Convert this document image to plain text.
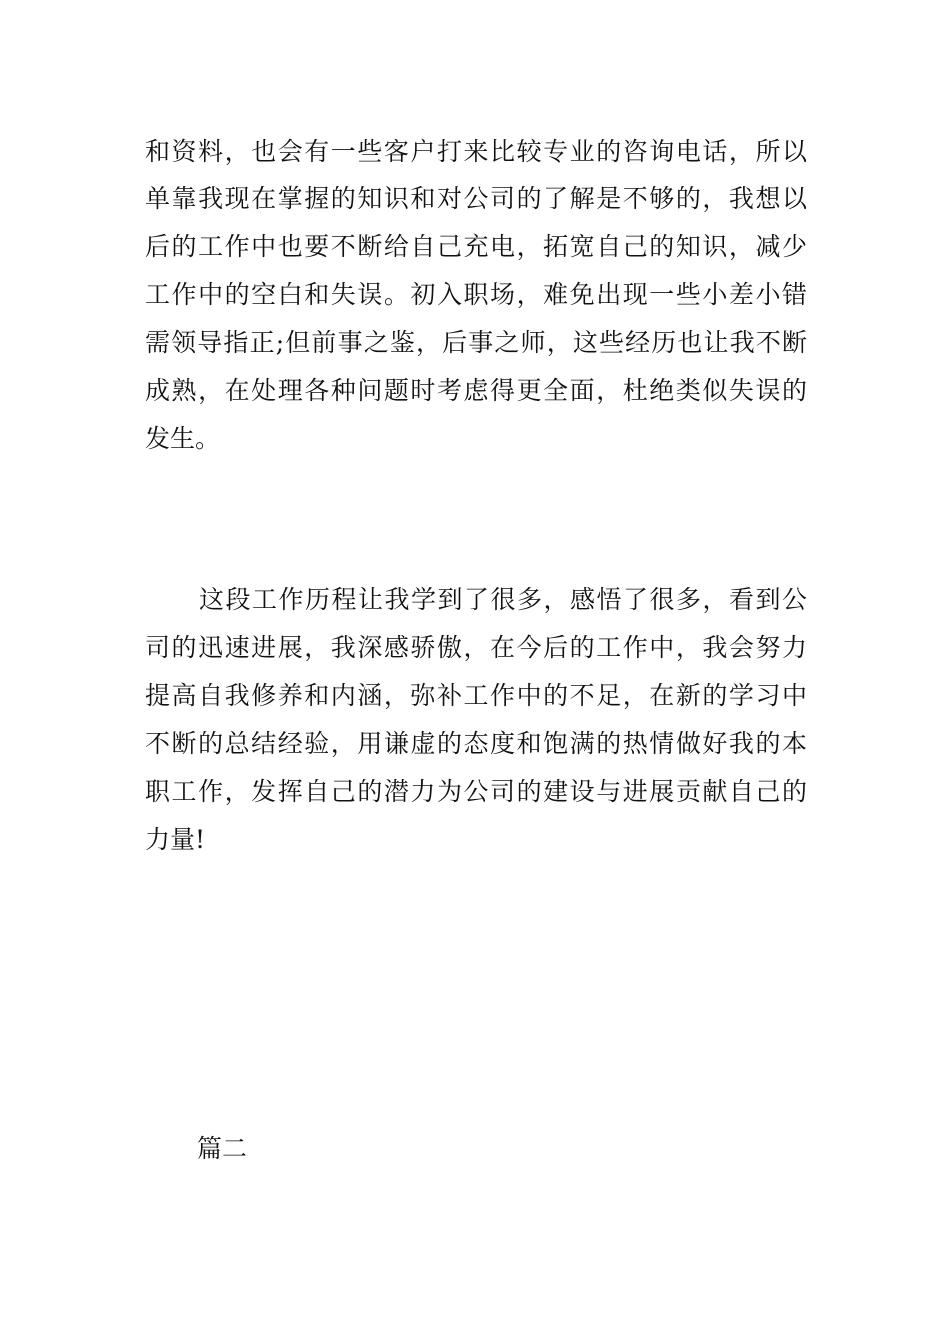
和资料，也会有一些客户打来比较专业的咨询电话，所以
单靠我现在掌握的知识和对公司的了解是不够的，我想以
后的工作中也要不断给自己充电，拓宽自己的知识，减少
工作中的空白和失误。初入职场，难免出现一些小差小错
需领导指正;但前事之鉴，后事之师，这些经历也让我不断
成熟，在处理各种问题时考虑得更全面，杜绝类似失误的
发生。
这段工作历程让我学到了很多，感悟了很多，看到公
司的迅速进展，我深感骄傲，在今后的工作中，我会努力
提高自我修养和内涵，弥补工作中的不足，在新的学习中
不断的总结经验，用谦虚的态度和饱满的热情做好我的本
职工作，发挥自己的潜力为公司的建设与进展贡献自己的
力量!
篇二
